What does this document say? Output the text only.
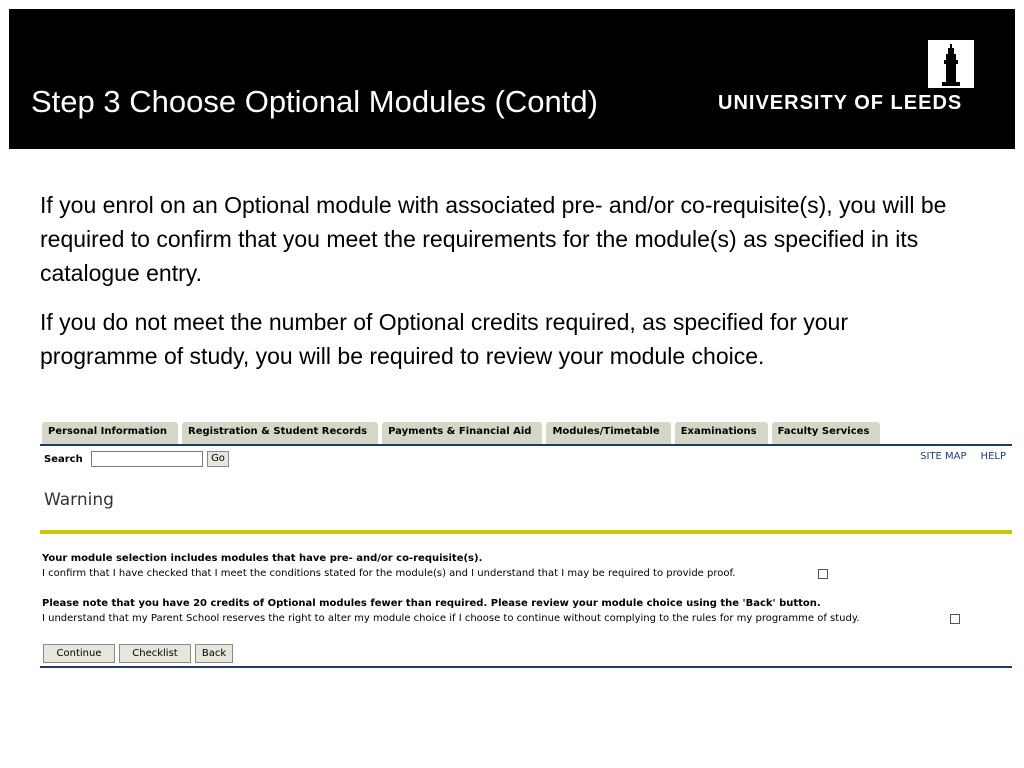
Step 3 Choose Optional Modules (Contd)	UNIVERSITY OF LEEDS

If you enrol on an Optional module with associated pre- and/or co-requisite(s), you will be required to confirm that you meet the requirements for the module(s) as specified in its catalogue entry.

If you do not meet the number of Optional credits required, as specified for your programme of study, you will be required to review your module choice.

Personal Information	Registration & Student Records	Payments & Financial Aid	Modules/Timetable	Examinations	Faculty Services
Search	Go	SITE MAP HELP
Warning
Your module selection includes modules that have pre- and/or co-requisite(s).
I confirm that I have checked that I meet the conditions stated for the module(s) and I understand that I may be required to provide proof.
Please note that you have 20 credits of Optional modules fewer than required. Please review your module choice using the 'Back' button.
I understand that my Parent School reserves the right to alter my module choice if I choose to continue without complying to the rules for my programme of study.
Continue	Checklist	Back
